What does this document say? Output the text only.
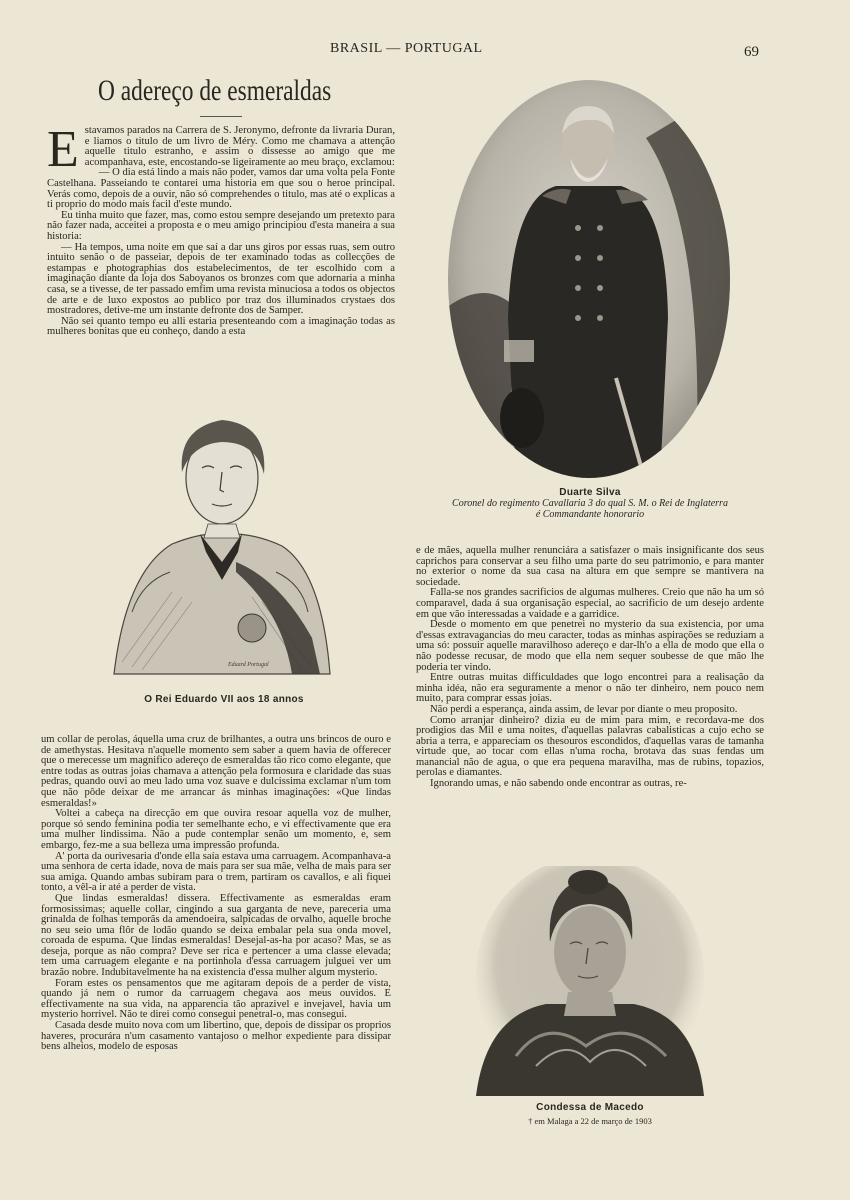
BRASIL — PORTUGAL	69
O adereço de esmeraldas

Estavamos parados na Carrera de S. Jeronymo, defronte da livraria Duran, e liamos o titulo de um livro de Méry. Como me chamava a attenção aquelle titulo estranho, e assim o dissesse ao amigo que me acompanhava, este, encostando-se ligeiramente ao meu braço, exclamou:

— O dia está lindo a mais não poder, vamos dar uma volta pela Fonte Castelhana. Passeiando te contarei uma historia em que sou o heroe principal. Verás como, depois de a ouvir, não só comprehendes o titulo, mas até o explicas a ti proprio do modo mais facil d'este mundo.

Eu tinha muito que fazer, mas, como estou sempre desejando um pretexto para não fazer nada, acceitei a proposta e o meu amigo principiou d'esta maneira a sua historia:

— Ha tempos, uma noite em que saí a dar uns giros por essas ruas, sem outro intuito senão o de passeiar, depois de ter examinado todas as collecções de estampas e photographias dos estabelecimentos, de ter escolhido com a imaginação diante da loja dos Saboyanos os bronzes com que adornaria a minha casa, se a tivesse, de ter passado emfim uma revista minuciosa a todos os objectos de arte e de luxo expostos ao publico por traz dos illuminados crystaes dos mostradores, detive-me um instante defronte dos de Samper.

Não sei quanto tempo eu alli estaria presenteando com a imaginação todas as mulheres bonitas que eu conheço, dando a esta

Duarte Silva
Coronel do regimento Cavallaria 3 do qual S. M. o Rei de Inglaterra
é Commandante honorario
Eduard Portugal
O Rei Eduardo VII aos 18 annos

um collar de perolas, áquella uma cruz de brilhantes, a outra uns brincos de ouro e de amethystas. Hesitava n'aquelle momento sem saber a quem havia de offerecer que o merecesse um magnifico adereço de esmeraldas tão rico como elegante, que entre todas as outras joias chamava a attenção pela formosura e claridade das suas pedras, quando ouvi ao meu lado uma voz suave e dulcissima exclamar n'um tom que não pôde deixar de me arrancar ás minhas imaginações: «Que lindas esmeraldas!»

Voltei a cabeça na direcção em que ouvira resoar aquella voz de mulher, porque só sendo feminina podia ter semelhante echo, e vi effectivamente que era uma mulher lindissima. Não a pude contemplar senão um momento, e, sem embargo, fez-me a sua belleza uma impressão profunda.

A' porta da ourivesaria d'onde ella saía estava uma carruagem. Acompanhava-a uma senhora de certa idade, nova de mais para ser sua mãe, velha de mais para ser sua amiga. Quando ambas subiram para o trem, partiram os cavallos, e ali fiquei tonto, a vêl-a ir até a perder de vista.

Que lindas esmeraldas! dissera. Effectivamente as esmeraldas eram formosissimas; aquelle collar, cingindo a sua garganta de neve, pareceria uma grinalda de folhas temporãs da amendoeira, salpicadas de orvalho, aquelle broche no seu seio uma flôr de lodão quando se deixa embalar pela sua onda movel, coroada de espuma. Que lindas esmeraldas! Desejal-as-ha por acaso? Mas, se as deseja, porque as não compra? Deve ser rica e pertencer a uma classe elevada; tem uma carruagem elegante e na portinhola d'essa carruagem julguei ver um brazão nobre. Indubitavelmente ha na existencia d'essa mulher algum mysterio.

Foram estes os pensamentos que me agitaram depois de a perder de vista, quando já nem o rumor da carruagem chegava aos meus ouvidos. E effectivamente na sua vida, na apparencia tão aprazivel e invejavel, havia um mysterio horrivel. Não te direi como consegui penetral-o, mas consegui.

Casada desde muito nova com um libertino, que, depois de dissipar os proprios haveres, procurára n'um casamento vantajoso o melhor expediente para dissipar bens alheios, modelo de esposas

e de mães, aquella mulher renunciára a satisfazer o mais insignificante dos seus caprichos para conservar a seu filho uma parte do seu patrimonio, e para manter no exterior o nome da sua casa na altura em que sempre se mantivera na sociedade.

Falla-se nos grandes sacrificios de algumas mulheres. Creio que não ha um só comparavel, dada á sua organisação especial, ao sacrificio de um desejo ardente em que vão interessadas a vaidade e a garridice.

Desde o momento em que penetrei no mysterio da sua existencia, por uma d'essas extravagancias do meu caracter, todas as minhas aspirações se reduziam a uma só: possuir aquelle maravilhoso adereço e dar-lh'o a ella de modo que ella o não podesse recusar, de modo que ella nem sequer soubesse de que mão lhe poderia ter vindo.

Entre outras muitas difficuldades que logo encontrei para a realisação da minha idéa, não era seguramente a menor o não ter dinheiro, nem pouco nem muito, para comprar essas joias.

Não perdi a esperança, ainda assim, de levar por diante o meu proposito.

Como arranjar dinheiro? dizia eu de mim para mim, e recordava-me dos prodigios das Mil e uma noites, d'aquellas palavras cabalisticas a cujo echo se abria a terra, e appareciam os thesouros escondidos, d'aquellas varas de tamanha virtude que, ao tocar com ellas n'uma rocha, brotava das suas fendas um manancial não de agua, o que era pequena maravilha, mas de rubins, topazios, perolas e diamantes.

Ignorando umas, e não sabendo onde encontrar as outras, re-

Condessa de Macedo
† em Malaga a 22 de março de 1903
